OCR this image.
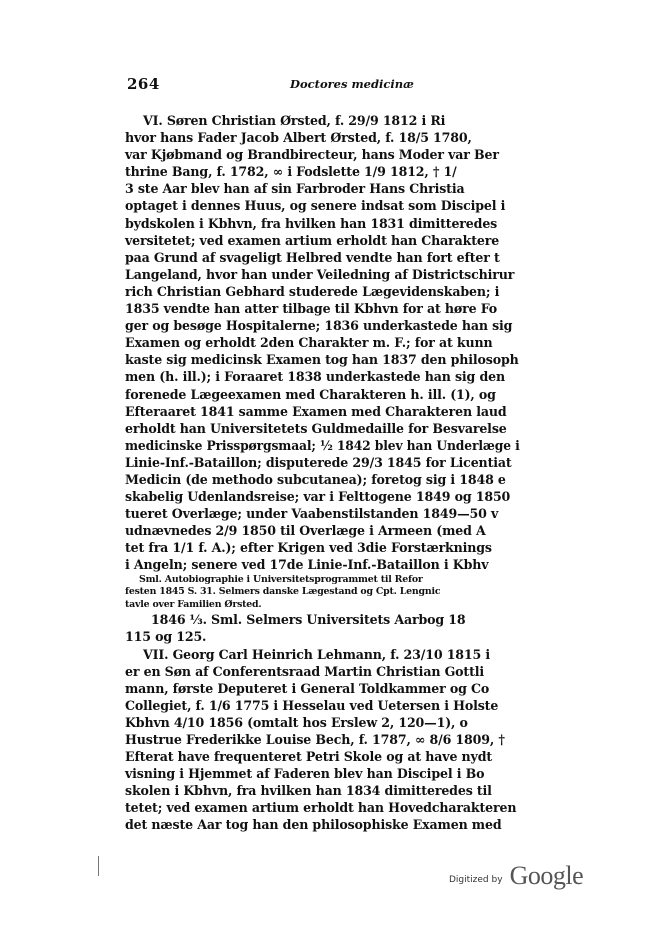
264	Doctores medicinæ
VI. Søren Christian Ørsted, f. 29/9 1812 i Ri
hvor hans Fader Jacob Albert Ørsted, f. 18/5 1780,
var Kjøbmand og Brandbirecteur, hans Moder var Ber
thrine Bang, f. 1782, ∞ i Fodslette 1/9 1812, † 1/
3 ste Aar blev han af sin Farbroder Hans Christia
optaget i dennes Huus, og senere indsat som Discipel i
bydskolen i Kbhvn, fra hvilken han 1831 dimitteredes
versitetet; ved examen artium erholdt han Charaktere
paa Grund af svageligt Helbred vendte han fort efter t
Langeland, hvor han under Veiledning af Districtschirur
rich Christian Gebhard studerede Lægevidenskaben; i
1835 vendte han atter tilbage til Kbhvn for at høre Fo
ger og besøge Hospitalerne; 1836 underkastede han sig
Examen og erholdt 2den Charakter m. F.; for at kunn
kaste sig medicinsk Examen tog han 1837 den philosoph
men (h. ill.); i Foraaret 1838 underkastede han sig den
forenede Lægeexamen med Charakteren h. ill. (1), og
Efteraaret 1841 samme Examen med Charakteren laud
erholdt han Universitetets Guldmedaille for Besvarelse
medicinske Prisspørgsmaal; ½ 1842 blev han Underlæge i
Linie-Inf.-Bataillon; disputerede 29/3 1845 for Licentiat
Medicin (de methodo subcutanea); foretog sig i 1848 e
skabelig Udenlandsreise; var i Felttogene 1849 og 1850
tueret Overlæge; under Vaabenstilstanden 1849—50 v
udnævnedes 2/9 1850 til Overlæge i Armeen (med A
tet fra 1/1 f. A.); efter Krigen ved 3die Forstærknings
i Angeln; senere ved 17de Linie-Inf.-Bataillon i Kbhv
Sml. Autobiographie i Universitetsprogrammet til Refor
festen 1845 S. 31. Selmers danske Lægestand og Cpt. Lengnic
tavle over Familien Ørsted.
1846 ⅓. Sml. Selmers Universitets Aarbog 18
115 og 125.
VII. Georg Carl Heinrich Lehmann, f. 23/10 1815 i
er en Søn af Conferentsraad Martin Christian Gottli
mann, første Deputeret i General Toldkammer og Co
Collegiet, f. 1/6 1775 i Hesselau ved Uetersen i Holste
Kbhvn 4/10 1856 (omtalt hos Erslew 2, 120—1), o
Hustrue Frederikke Louise Bech, f. 1787, ∞ 8/6 1809, †
Efterat have frequenteret Petri Skole og at have nydt
visning i Hjemmet af Faderen blev han Discipel i Bo
skolen i Kbhvn, fra hvilken han 1834 dimitteredes til
tetet; ved examen artium erholdt han Hovedcharakteren
det næste Aar tog han den philosophiske Examen med
Digitized by Google
